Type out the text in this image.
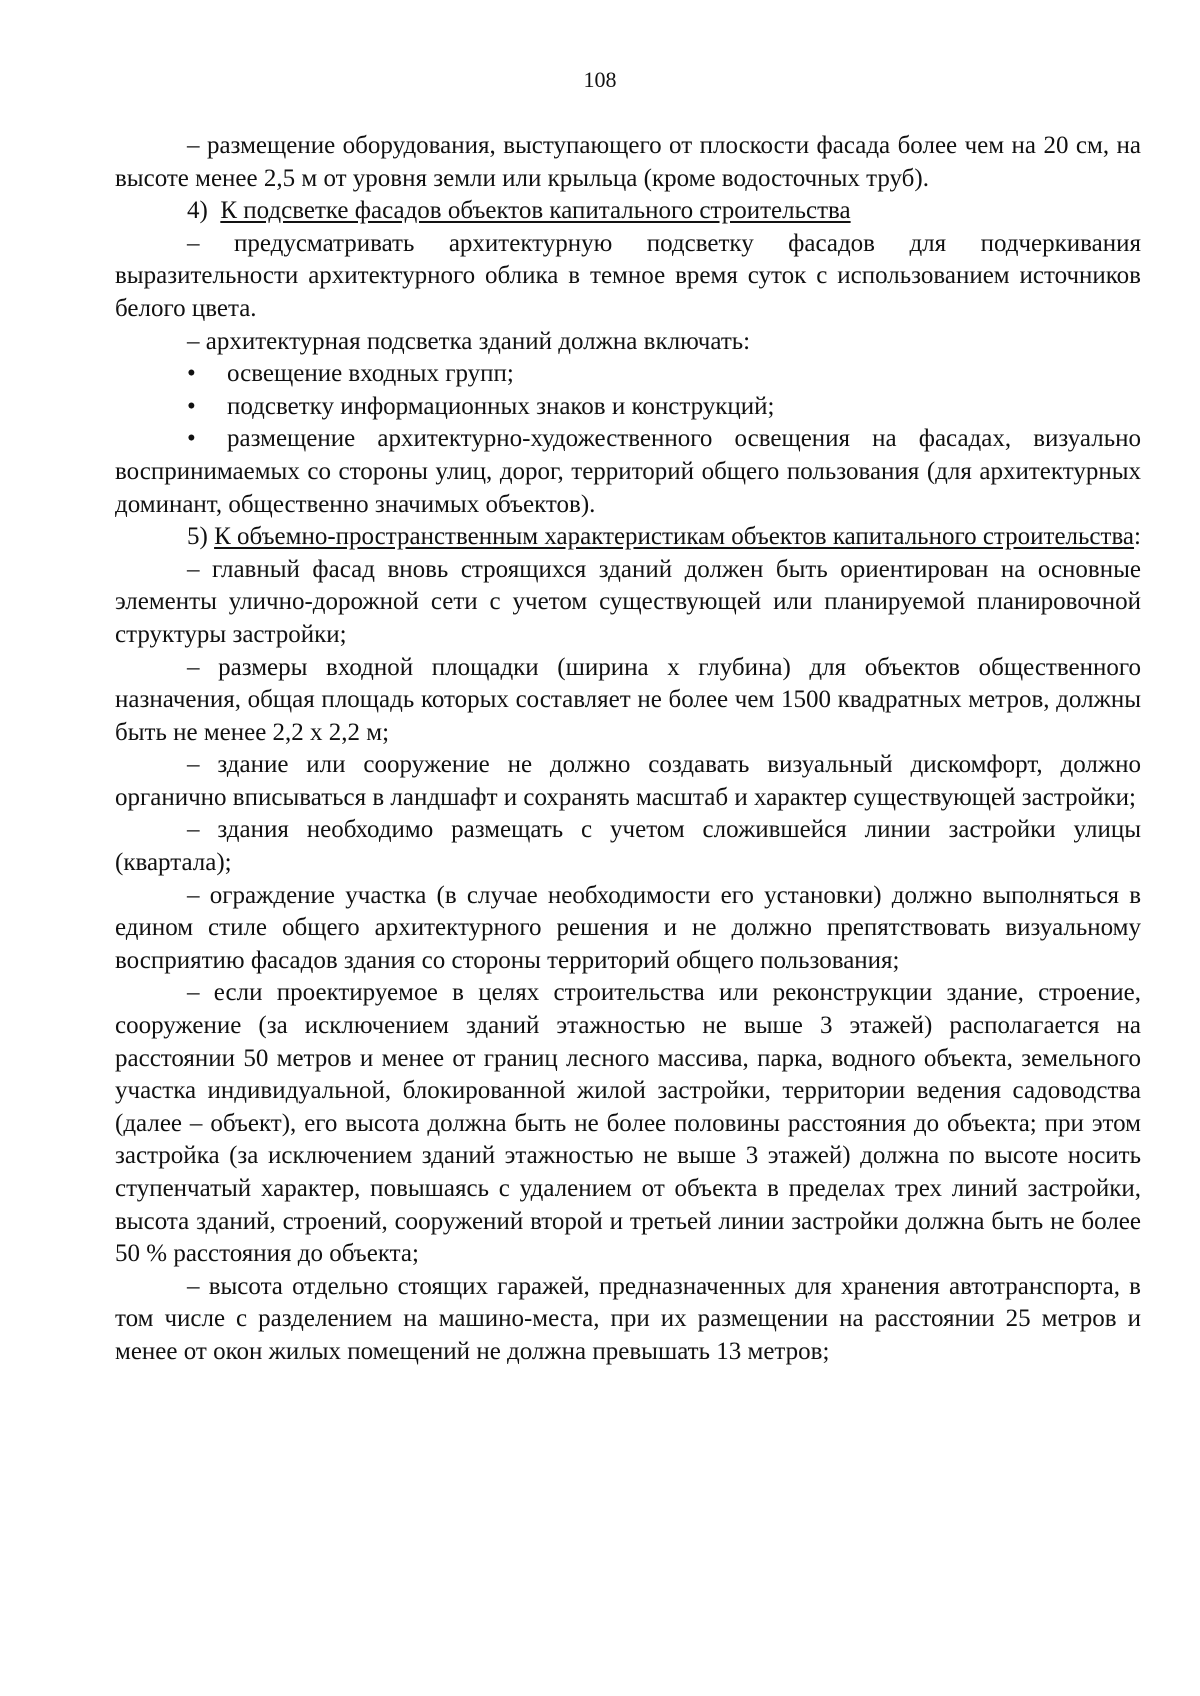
108

– размещение оборудования, выступающего от плоскости фасада более чем на 20 см, на высоте менее 2,5 м от уровня земли или крыльца (кроме водосточных труб).

4) К подсветке фасадов объектов капитального строительства

– предусматривать архитектурную подсветку фасадов для подчеркивания выразительности архитектурного облика в темное время суток с использованием источников белого цвета.

– архитектурная подсветка зданий должна включать:

• освещение входных групп;

• подсветку информационных знаков и конструкций;

• размещение архитектурно-художественного освещения на фасадах, визуально воспринимаемых со стороны улиц, дорог, территорий общего пользования (для архитектурных доминант, общественно значимых объектов).

5) К объемно-пространственным характеристикам объектов капитального строительства:

– главный фасад вновь строящихся зданий должен быть ориентирован на основные элементы улично-дорожной сети с учетом существующей или планируемой планировочной структуры застройки;

– размеры входной площадки (ширина х глубина) для объектов общественного назначения, общая площадь которых составляет не более чем 1500 квадратных метров, должны быть не менее 2,2 х 2,2 м;

– здание или сооружение не должно создавать визуальный дискомфорт, должно органично вписываться в ландшафт и сохранять масштаб и характер существующей застройки;

– здания необходимо размещать с учетом сложившейся линии застройки улицы (квартала);

– ограждение участка (в случае необходимости его установки) должно выполняться в едином стиле общего архитектурного решения и не должно препятствовать визуальному восприятию фасадов здания со стороны территорий общего пользования;

– если проектируемое в целях строительства или реконструкции здание, строение, сооружение (за исключением зданий этажностью не выше 3 этажей) располагается на расстоянии 50 метров и менее от границ лесного массива, парка, водного объекта, земельного участка индивидуальной, блокированной жилой застройки, территории ведения садоводства (далее – объект), его высота должна быть не более половины расстояния до объекта; при этом застройка (за исключением зданий этажностью не выше 3 этажей) должна по высоте носить ступенчатый характер, повышаясь с удалением от объекта в пределах трех линий застройки, высота зданий, строений, сооружений второй и третьей линии застройки должна быть не более 50 % расстояния до объекта;

– высота отдельно стоящих гаражей, предназначенных для хранения автотранспорта, в том числе с разделением на машино-места, при их размещении на расстоянии 25 метров и менее от окон жилых помещений не должна превышать 13 метров;
